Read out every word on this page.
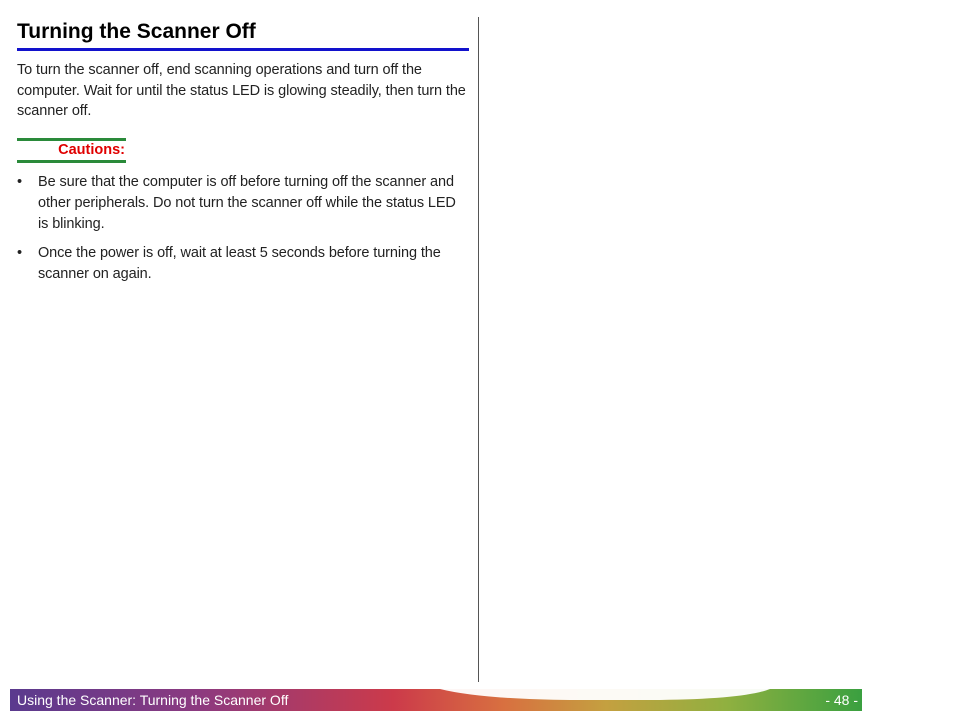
Turning the Scanner Off

To turn the scanner off, end scanning operations and turn off the computer. Wait for until the status LED is glowing steadily, then turn the scanner off.

Cautions:
• Be sure that the computer is off before turning off the scanner and other peripherals. Do not turn the scanner off while the status LED is blinking.
• Once the power is off, wait at least 5 seconds before turning the scanner on again.
Using the Scanner: Turning the Scanner Off	- 48 -
